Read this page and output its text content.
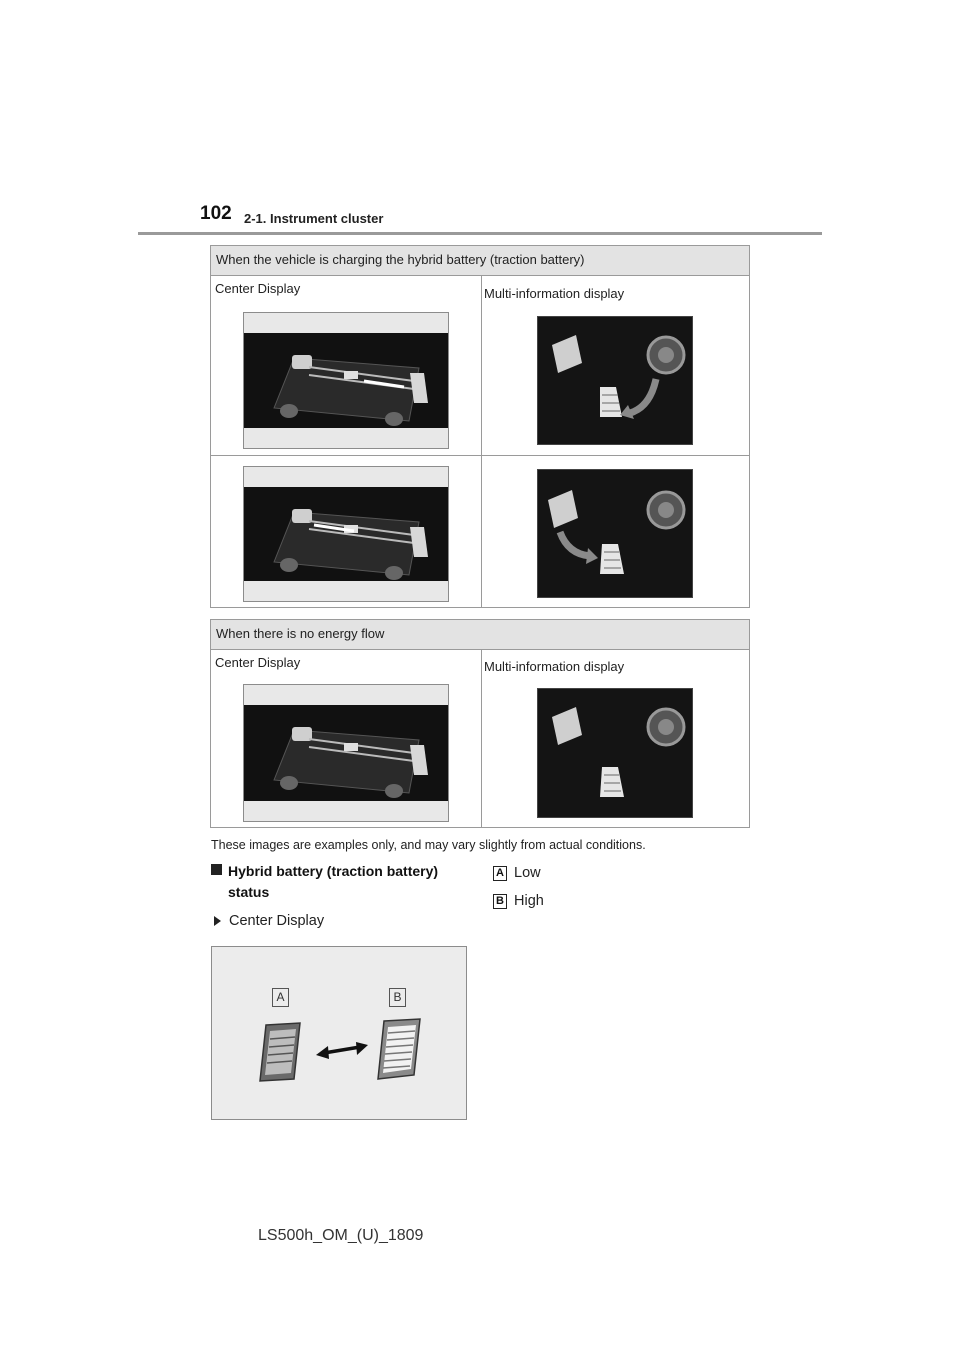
102 2-1. Instrument cluster
When the vehicle is charging the hybrid battery (traction battery)
Center Display	Multi-information display
When there is no energy flow
Center Display	Multi-information display
These images are examples only, and may vary slightly from actual conditions.
Hybrid battery (traction battery)
status
Center Display
A Low
B High
A	B
LS500h_OM_(U)_1809
